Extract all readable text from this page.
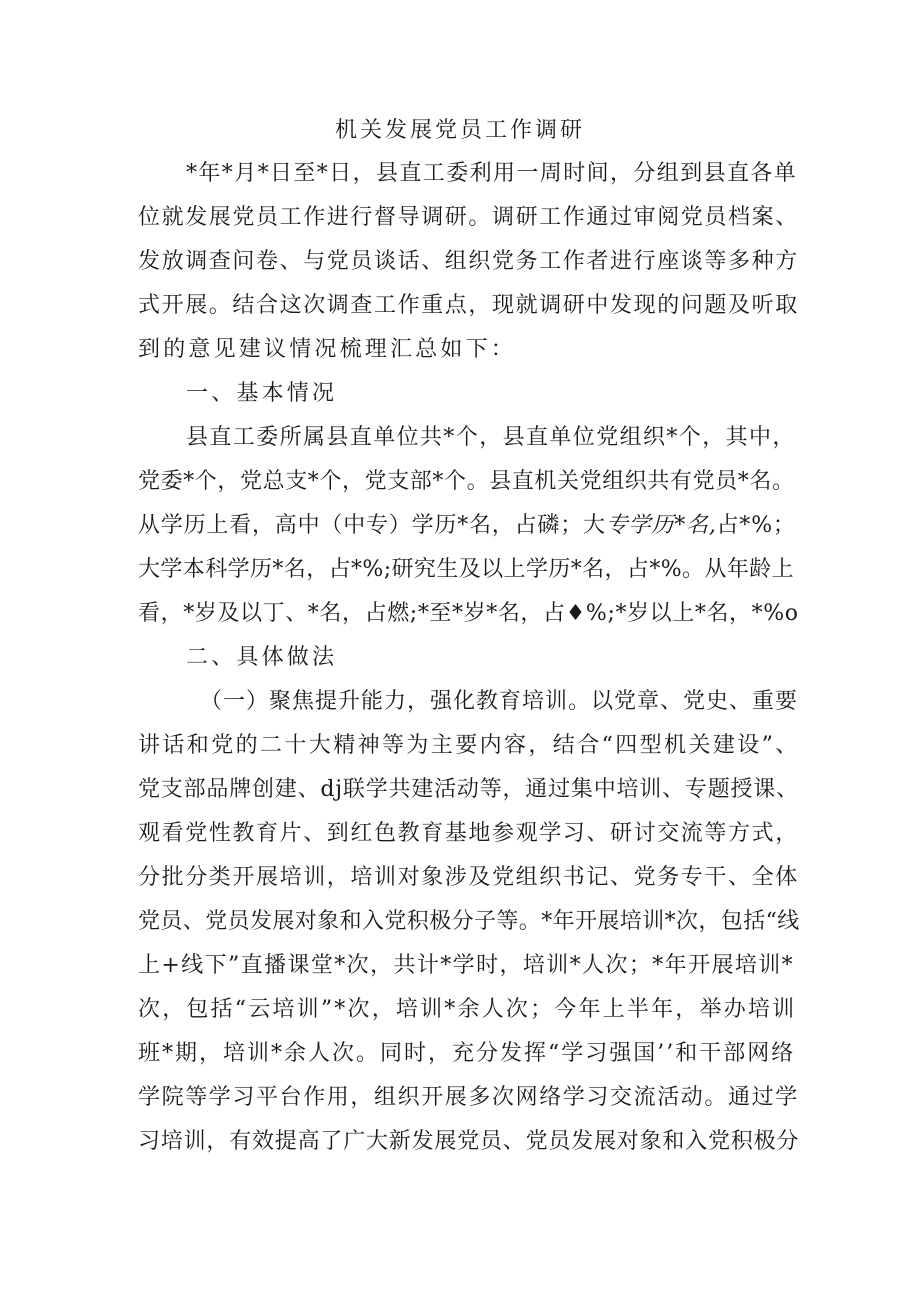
机关发展党员工作调研
*年*月*日至*日，县直工委利用一周时间，分组到县直各单
位就发展党员工作进行督导调研。调研工作通过审阅党员档案、
发放调查问卷、与党员谈话、组织党务工作者进行座谈等多种方
式开展。结合这次调查工作重点，现就调研中发现的问题及听取
到的意见建议情况梳理汇总如下：
一、基本情况
县直工委所属县直单位共*个，县直单位党组织*个，其中，
党委*个，党总支*个，党支部*个。县直机关党组织共有党员*名。
从学历上看，高中（中专）学历*名，占磷；大专学历*名,占*%；
大学本科学历*名，占*%;研究生及以上学历*名，占*%。从年龄上
看，*岁及以丁、*名，占燃;*至*岁*名，占♦%;*岁以上*名，*%o
二、具体做法
（一）聚焦提升能力，强化教育培训。以党章、党史、重要
讲话和党的二十大精神等为主要内容，结合“四型机关建设”、
党支部品牌创建、dj联学共建活动等，通过集中培训、专题授课、
观看党性教育片、到红色教育基地参观学习、研讨交流等方式，
分批分类开展培训，培训对象涉及党组织书记、党务专干、全体
党员、党员发展对象和入党积极分子等。*年开展培训*次，包括“线
上+线下”直播课堂*次，共计*学时，培训*人次；*年开展培训*
次，包括“云培训”*次，培训*余人次；今年上半年，举办培训
班*期，培训*余人次。同时，充分发挥“学习强国’’和干部网络
学院等学习平台作用，组织开展多次网络学习交流活动。通过学
习培训，有效提高了广大新发展党员、党员发展对象和入党积极分
